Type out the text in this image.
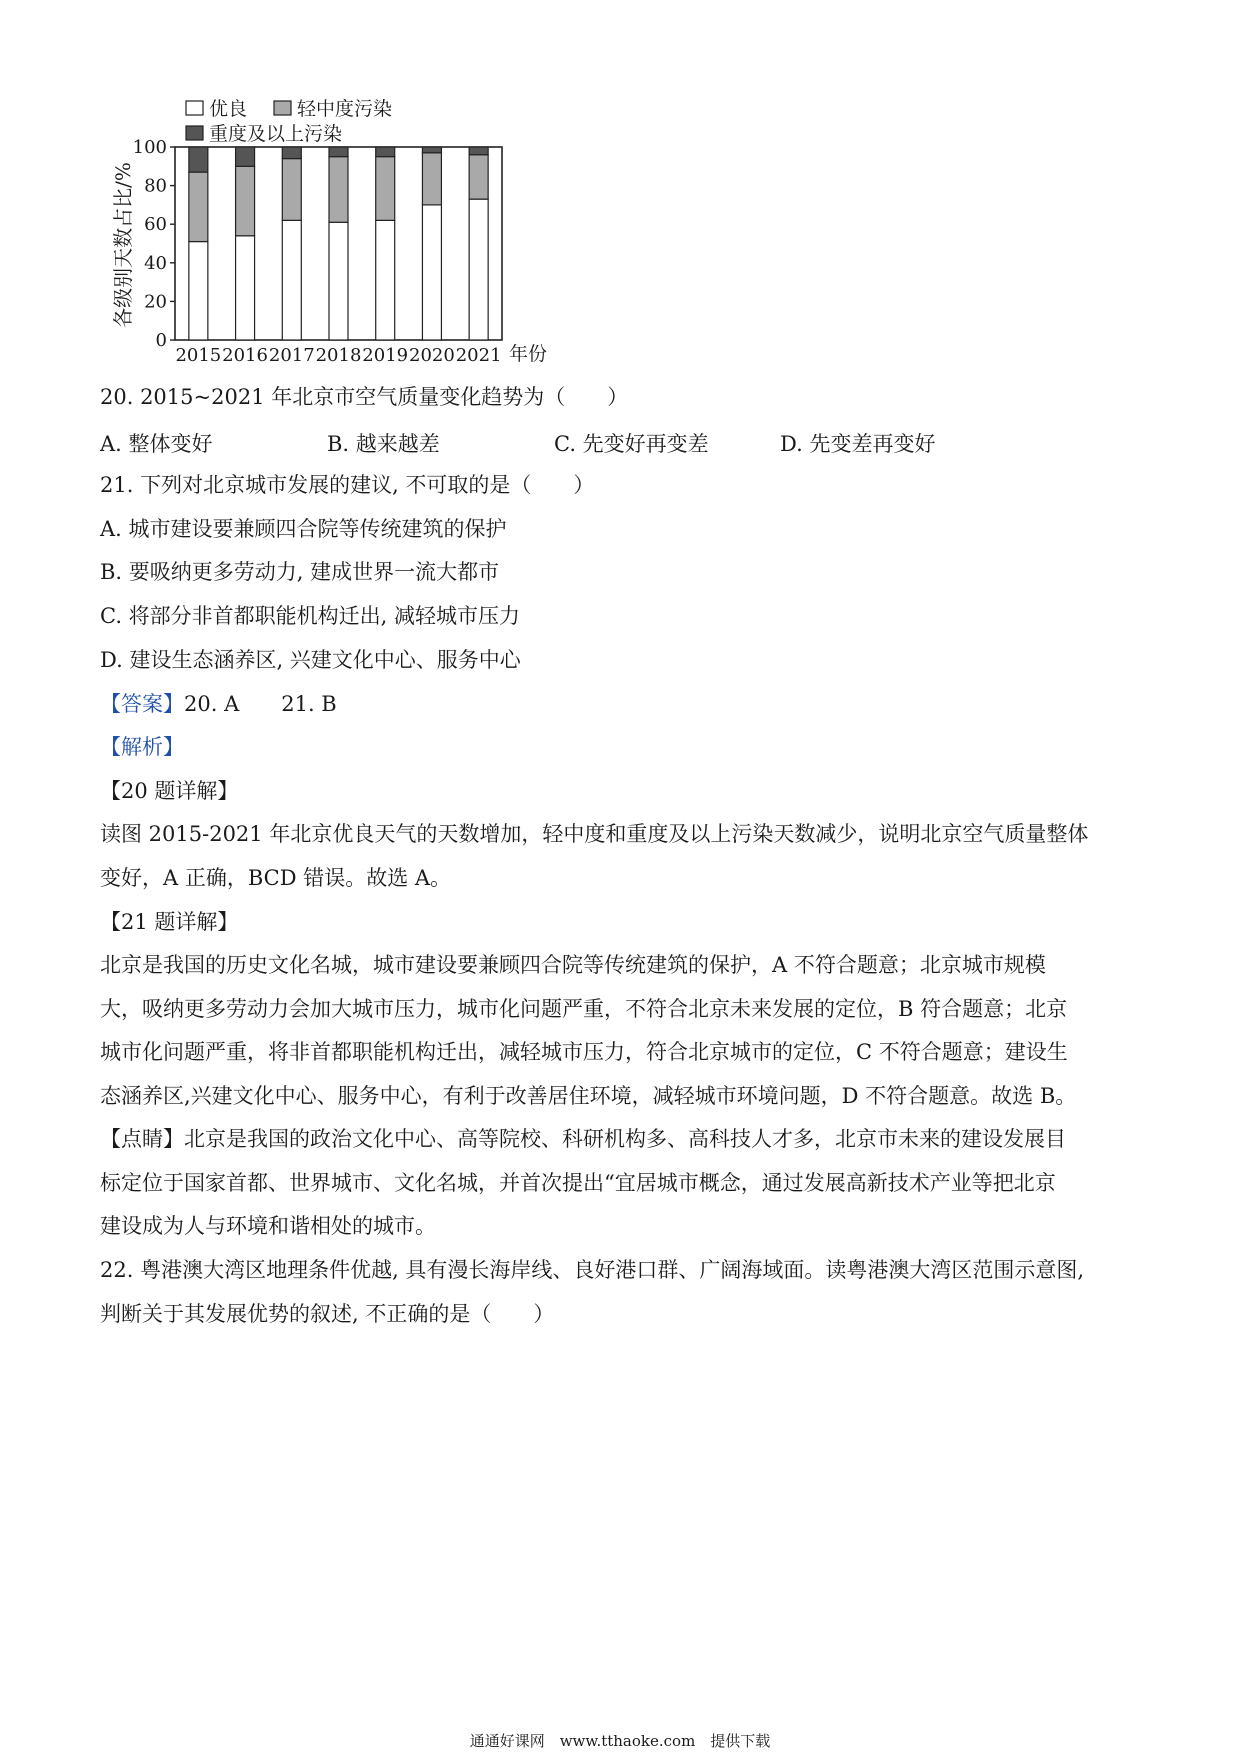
优良	轻中度污染
重度及以上污染
0
20
40
60
80
100
2015 2016 2017 2018 2019 2020 2021
各级别天数占比/%
年份
20. 2015~2021 年北京市空气质量变化趋势为（　　）
A. 整体变好	B. 越来越差	C. 先变好再变差	D. 先变差再变好
21. 下列对北京城市发展的建议, 不可取的是（　　）
A. 城市建设要兼顾四合院等传统建筑的保护
B. 要吸纳更多劳动力, 建成世界一流大都市
C. 将部分非首都职能机构迁出, 减轻城市压力
D. 建设生态涵养区, 兴建文化中心、服务中心
【答案】20. A　　21. B
【解析】
【20 题详解】
读图 2015-2021 年北京优良天气的天数增加，轻中度和重度及以上污染天数减少，说明北京空气质量整体
变好，A 正确，BCD 错误。故选 A。
【21 题详解】
北京是我国的历史文化名城，城市建设要兼顾四合院等传统建筑的保护，A 不符合题意；北京城市规模
大，吸纳更多劳动力会加大城市压力，城市化问题严重，不符合北京未来发展的定位，B 符合题意；北京
城市化问题严重，将非首都职能机构迁出，减轻城市压力，符合北京城市的定位，C 不符合题意；建设生
态涵养区,兴建文化中心、服务中心，有利于改善居住环境，减轻城市环境问题，D 不符合题意。故选 B。
【点睛】北京是我国的政治文化中心、高等院校、科研机构多、高科技人才多，北京市未来的建设发展目
标定位于国家首都、世界城市、文化名城，并首次提出“宜居城市概念，通过发展高新技术产业等把北京
建设成为人与环境和谐相处的城市。
22. 粤港澳大湾区地理条件优越, 具有漫长海岸线、良好港口群、广阔海域面。读粤港澳大湾区范围示意图,
判断关于其发展优势的叙述, 不正确的是（　　）
通通好课网　www.tthaoke.com　提供下载
